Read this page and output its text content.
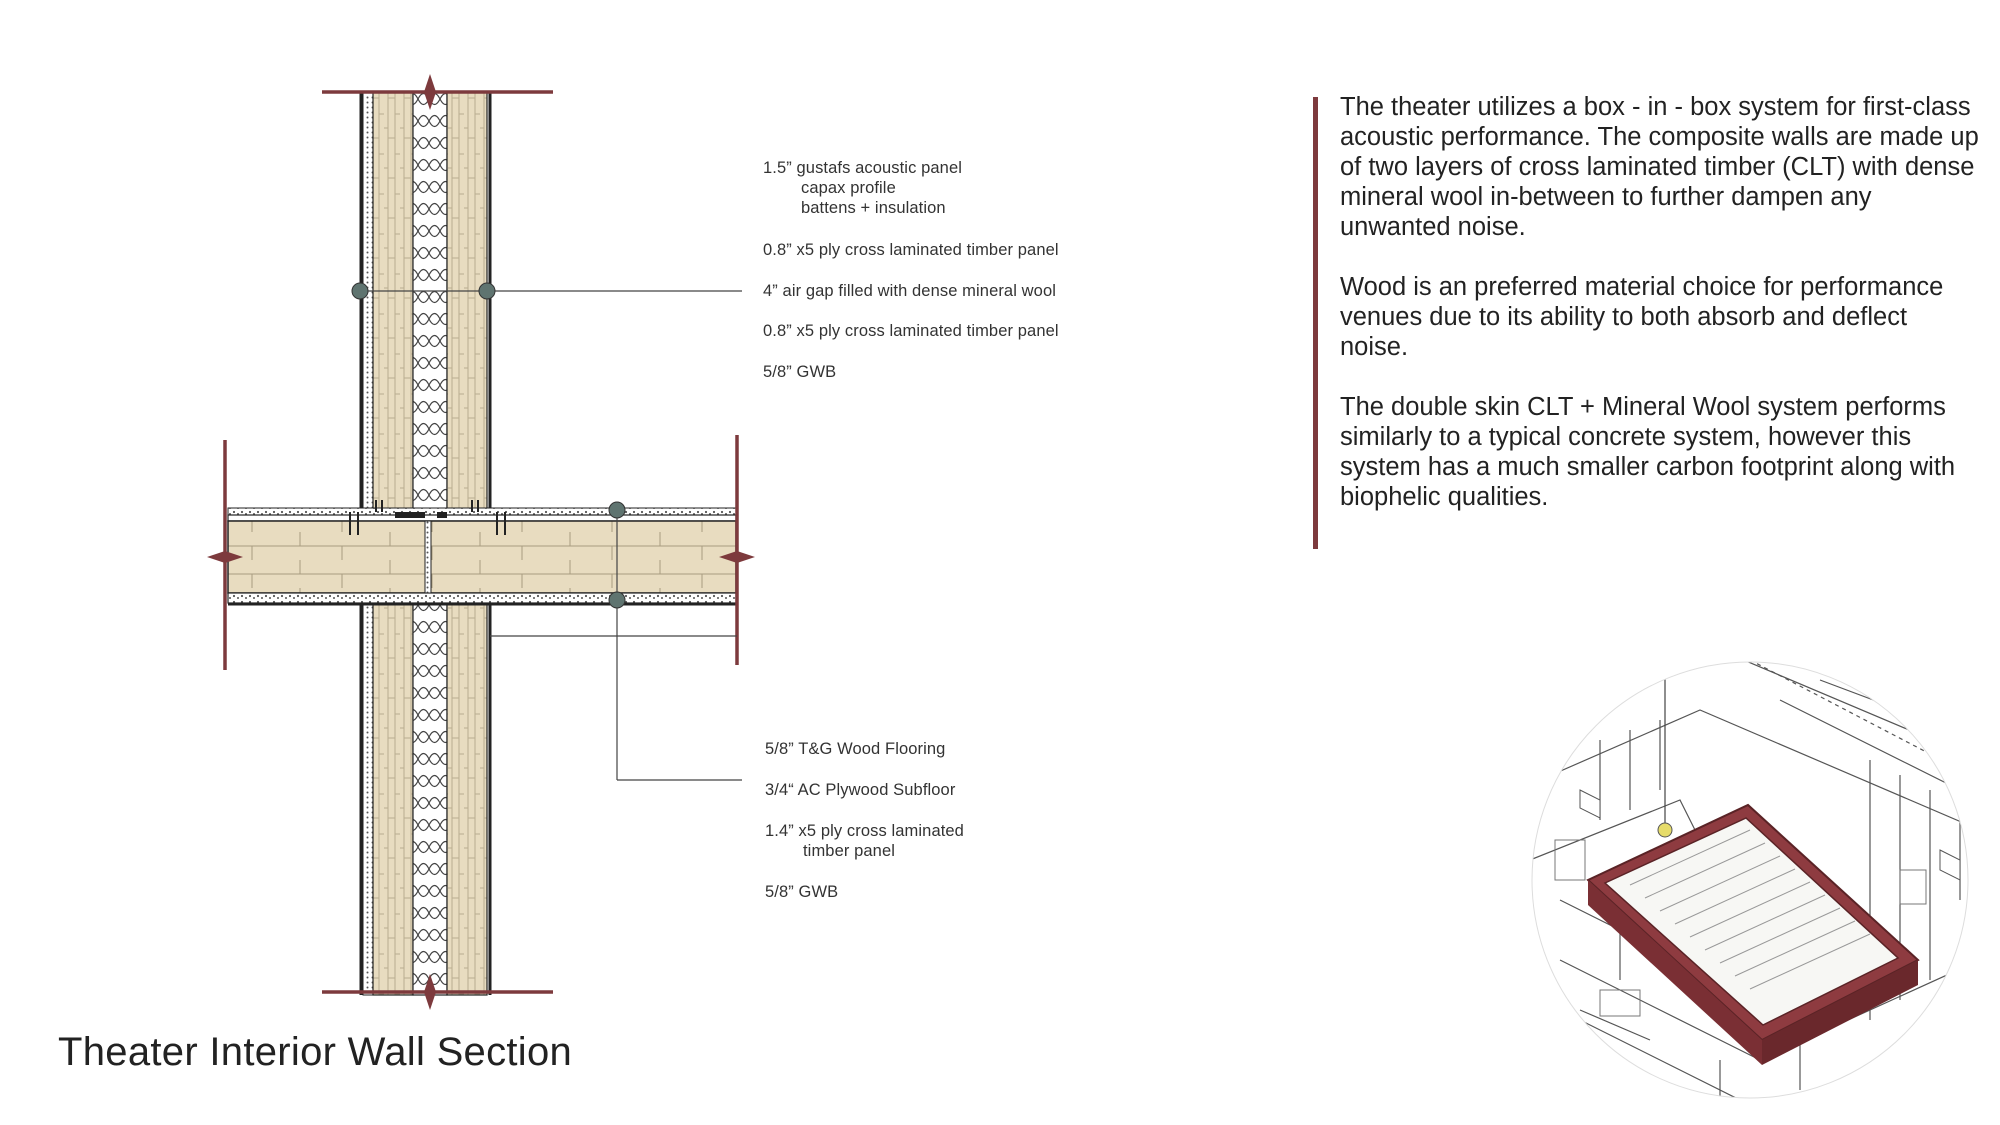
1.5” gustafs acoustic panel
capax profile
battens + insulation
0.8” x5 ply cross laminated timber panel
4” air gap filled with dense mineral wool
0.8” x5 ply cross laminated timber panel
5/8” GWB
5/8” T&G Wood Flooring
3/4“ AC Plywood Subfloor
1.4” x5 ply cross laminated
timber panel
5/8” GWB
Theater Interior Wall Section

The theater utilizes a box - in - box system for first-class acoustic performance. The composite walls are made up of two layers of cross laminated timber (CLT) with dense mineral wool in-between to further dampen any unwanted noise.

Wood is an preferred material choice for performance venues due to its ability to both absorb and deflect noise.

The double skin CLT + Mineral Wool system performs similarly to a typical concrete system, however this system has a much smaller carbon footprint along with biophelic qualities.
